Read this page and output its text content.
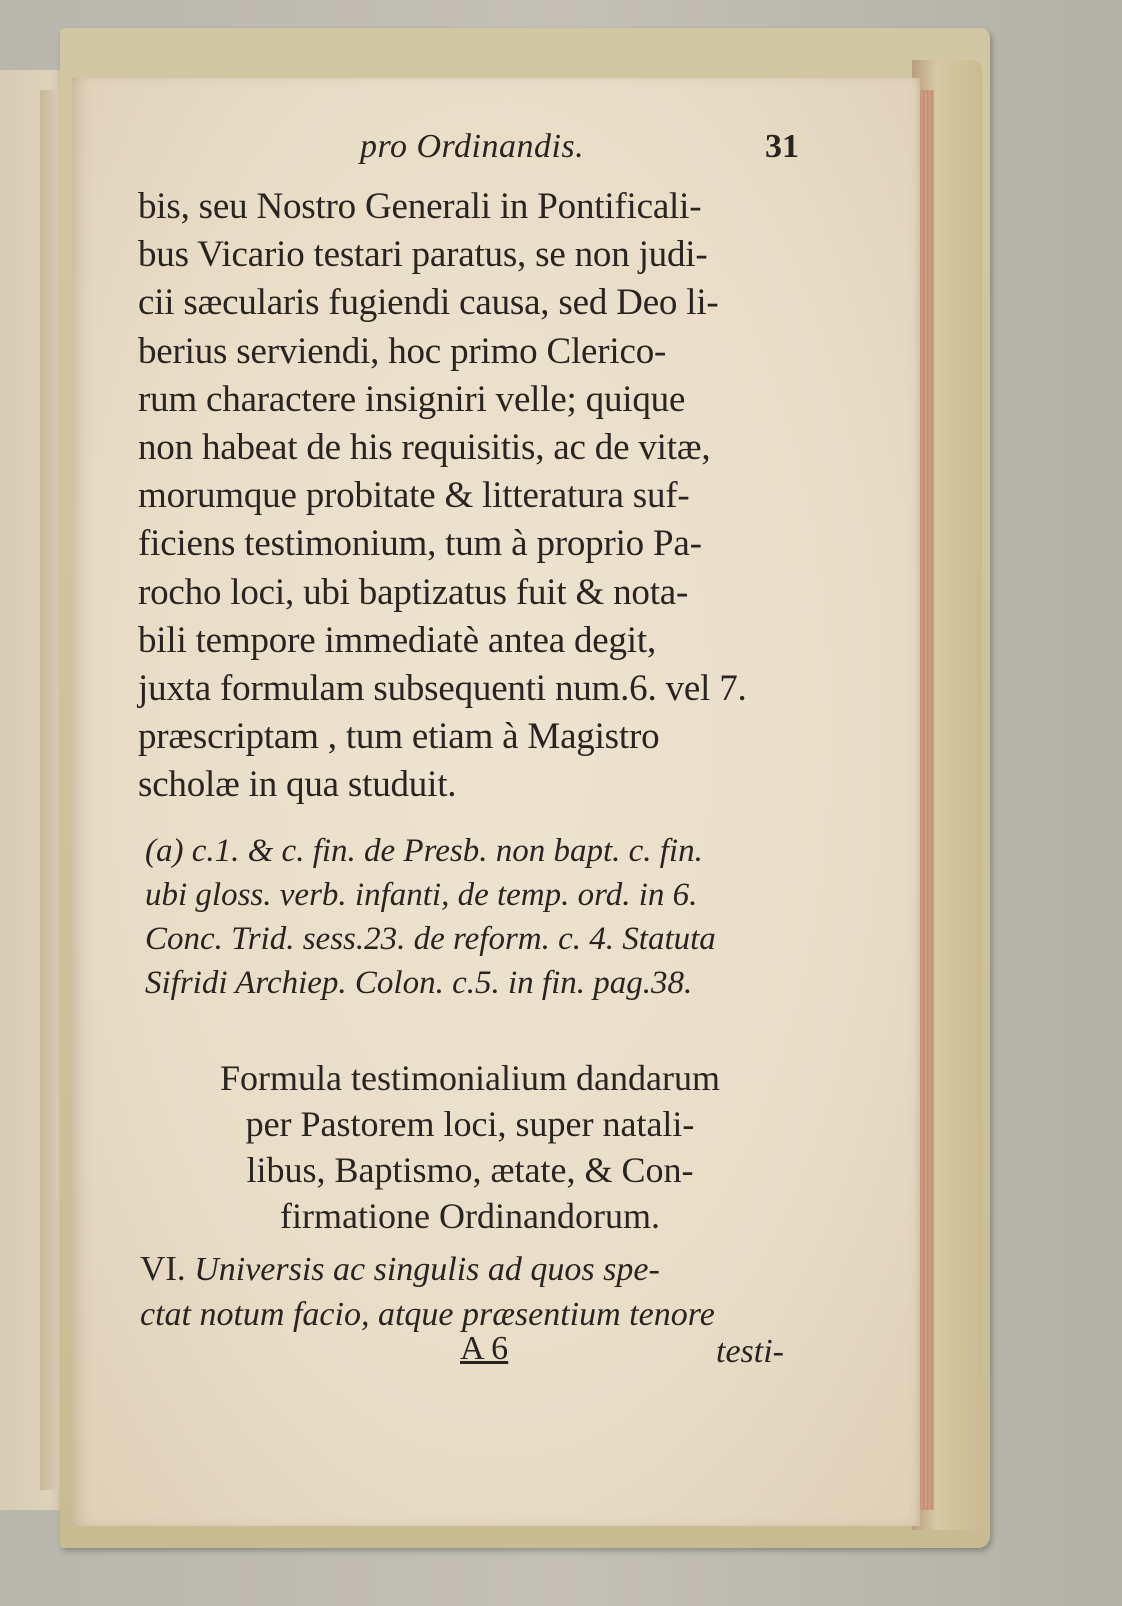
pro Ordinandis.	31
bis, seu Nostro Generali in Pontificali-
bus Vicario testari paratus, se non judi-
cii sæcularis fugiendi causa, sed Deo li-
berius serviendi, hoc primo Clerico-
rum charactere insigniri velle; quique
non habeat de his requisitis, ac de vitæ,
morumque probitate & litteratura suf-
ficiens testimonium, tum à proprio Pa-
rocho loci, ubi baptizatus fuit & nota-
bili tempore immediatè antea degit,
juxta formulam subsequenti num.6. vel 7.
præscriptam , tum etiam à Magistro
scholæ in qua studuit.
(a) c.1. & c. fin. de Presb. non bapt. c. fin.
ubi gloss. verb. infanti, de temp. ord. in 6.
Conc. Trid. sess.23. de reform. c. 4. Statuta
Sifridi Archiep. Colon. c.5. in fin. pag.38.
Formula testimonialium dandarum
per Pastorem loci, super natali-
libus, Baptismo, ætate, & Con-
firmatione Ordinandorum.
VI. Universis ac singulis ad quos spe-
ctat notum facio, atque præsentium tenore
A 6	testi-
